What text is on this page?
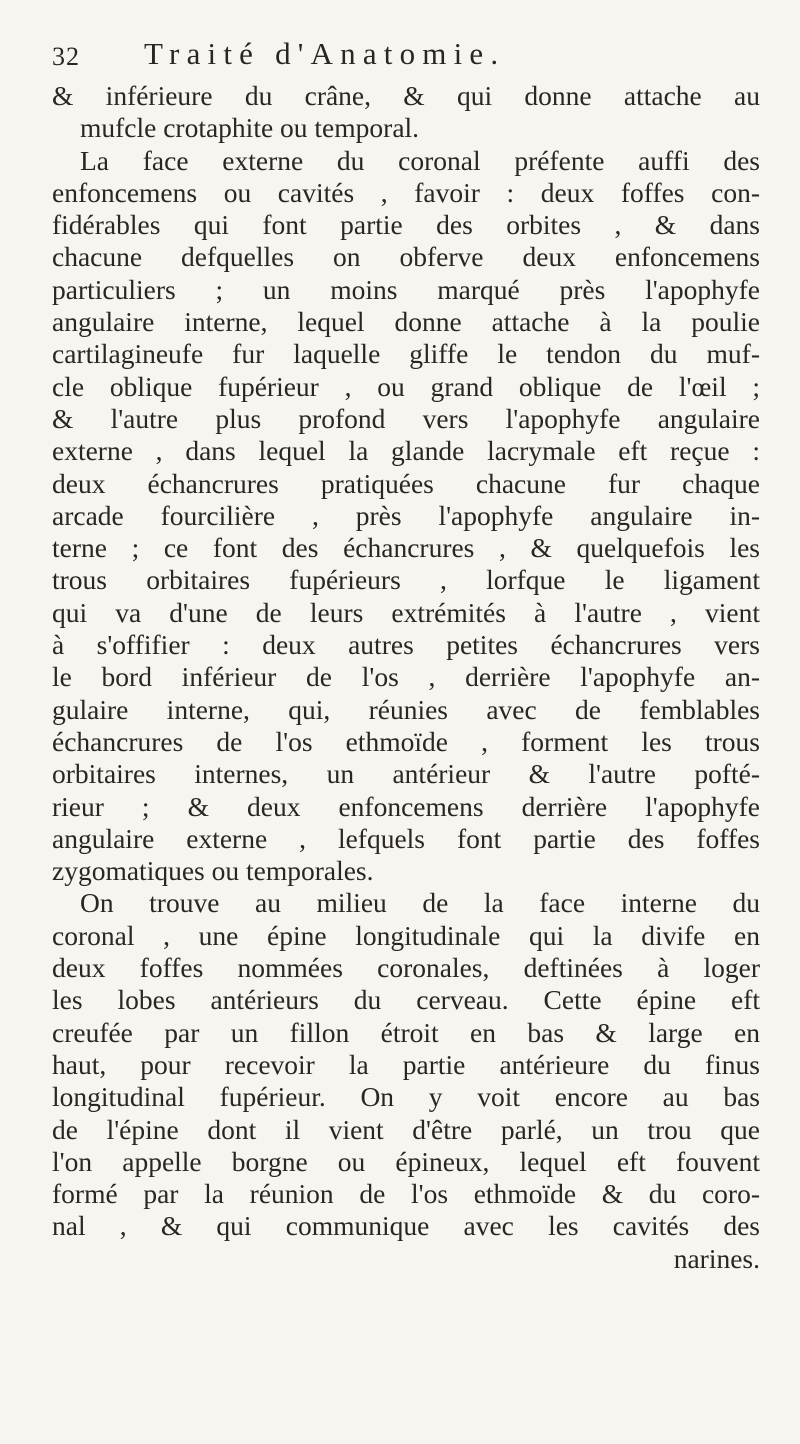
32 Traité d'Anatomie.
& inférieure du crâne, & qui donne attache au
mufcle crotaphite ou temporal.
La face externe du coronal préfente auffi des
enfoncemens ou cavités , favoir : deux foffes con-
fidérables qui font partie des orbites , & dans
chacune defquelles on obferve deux enfoncemens
particuliers ; un moins marqué près l'apophyfe
angulaire interne, lequel donne attache à la poulie
cartilagineufe fur laquelle gliffe le tendon du muf-
cle oblique fupérieur , ou grand oblique de l'œil ;
& l'autre plus profond vers l'apophyfe angulaire
externe , dans lequel la glande lacrymale eft reçue :
deux échancrures pratiquées chacune fur chaque
arcade fourcilière , près l'apophyfe angulaire in-
terne ; ce font des échancrures , & quelquefois les
trous orbitaires fupérieurs , lorfque le ligament
qui va d'une de leurs extrémités à l'autre , vient
à s'offifier : deux autres petites échancrures vers
le bord inférieur de l'os , derrière l'apophyfe an-
gulaire interne, qui, réunies avec de femblables
échancrures de l'os ethmoïde , forment les trous
orbitaires internes, un antérieur & l'autre pofté-
rieur ; & deux enfoncemens derrière l'apophyfe
angulaire externe , lefquels font partie des foffes
zygomatiques ou temporales.
On trouve au milieu de la face interne du
coronal , une épine longitudinale qui la divife en
deux foffes nommées coronales, deftinées à loger
les lobes antérieurs du cerveau. Cette épine eft
creufée par un fillon étroit en bas & large en
haut, pour recevoir la partie antérieure du finus
longitudinal fupérieur. On y voit encore au bas
de l'épine dont il vient d'être parlé, un trou que
l'on appelle borgne ou épineux, lequel eft fouvent
formé par la réunion de l'os ethmoïde & du coro-
nal , & qui communique avec les cavités des
narines.
